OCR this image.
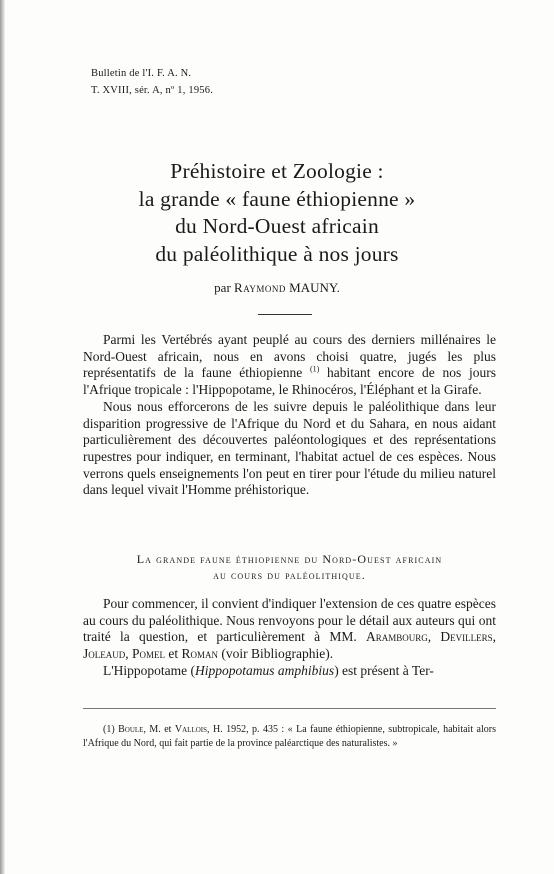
Bulletin de l'I. F. A. N.
T. XVIII, sér. A, nº 1, 1956.
Préhistoire et Zoologie :
la grande « faune éthiopienne »
du Nord-Ouest africain
du paléolithique à nos jours
par Raymond MAUNY.

Parmi les Vertébrés ayant peuplé au cours des derniers millénaires le Nord-Ouest africain, nous en avons choisi quatre, jugés les plus représentatifs de la faune éthiopienne $^{(1)}$ habitant encore de nos jours l'Afrique tropicale : l'Hippopotame, le Rhinocéros, l'Éléphant et la Girafe.

Nous nous efforcerons de les suivre depuis le paléolithique dans leur disparition progressive de l'Afrique du Nord et du Sahara, en nous aidant particulièrement des découvertes paléontologiques et des représentations rupestres pour indiquer, en terminant, l'habitat actuel de ces espèces. Nous verrons quels enseignements l'on peut en tirer pour l'étude du milieu naturel dans lequel vivait l'Homme préhistorique.

La grande faune éthiopienne du Nord-Ouest africain
au cours du paléolithique.

Pour commencer, il convient d'indiquer l'extension de ces quatre espèces au cours du paléolithique. Nous renvoyons pour le détail aux auteurs qui ont traité la question, et particulièrement à MM. Arambourg, Devillers, Joleaud, Pomel et Roman (voir Bibliographie).

L'Hippopotame (Hippopotamus amphibius) est présent à Ter-

(1) Boule, M. et Vallois, H. 1952, p. 435 : « La faune éthiopienne, subtropicale, habitait alors l'Afrique du Nord, qui fait partie de la province paléarctique des naturalistes. »
